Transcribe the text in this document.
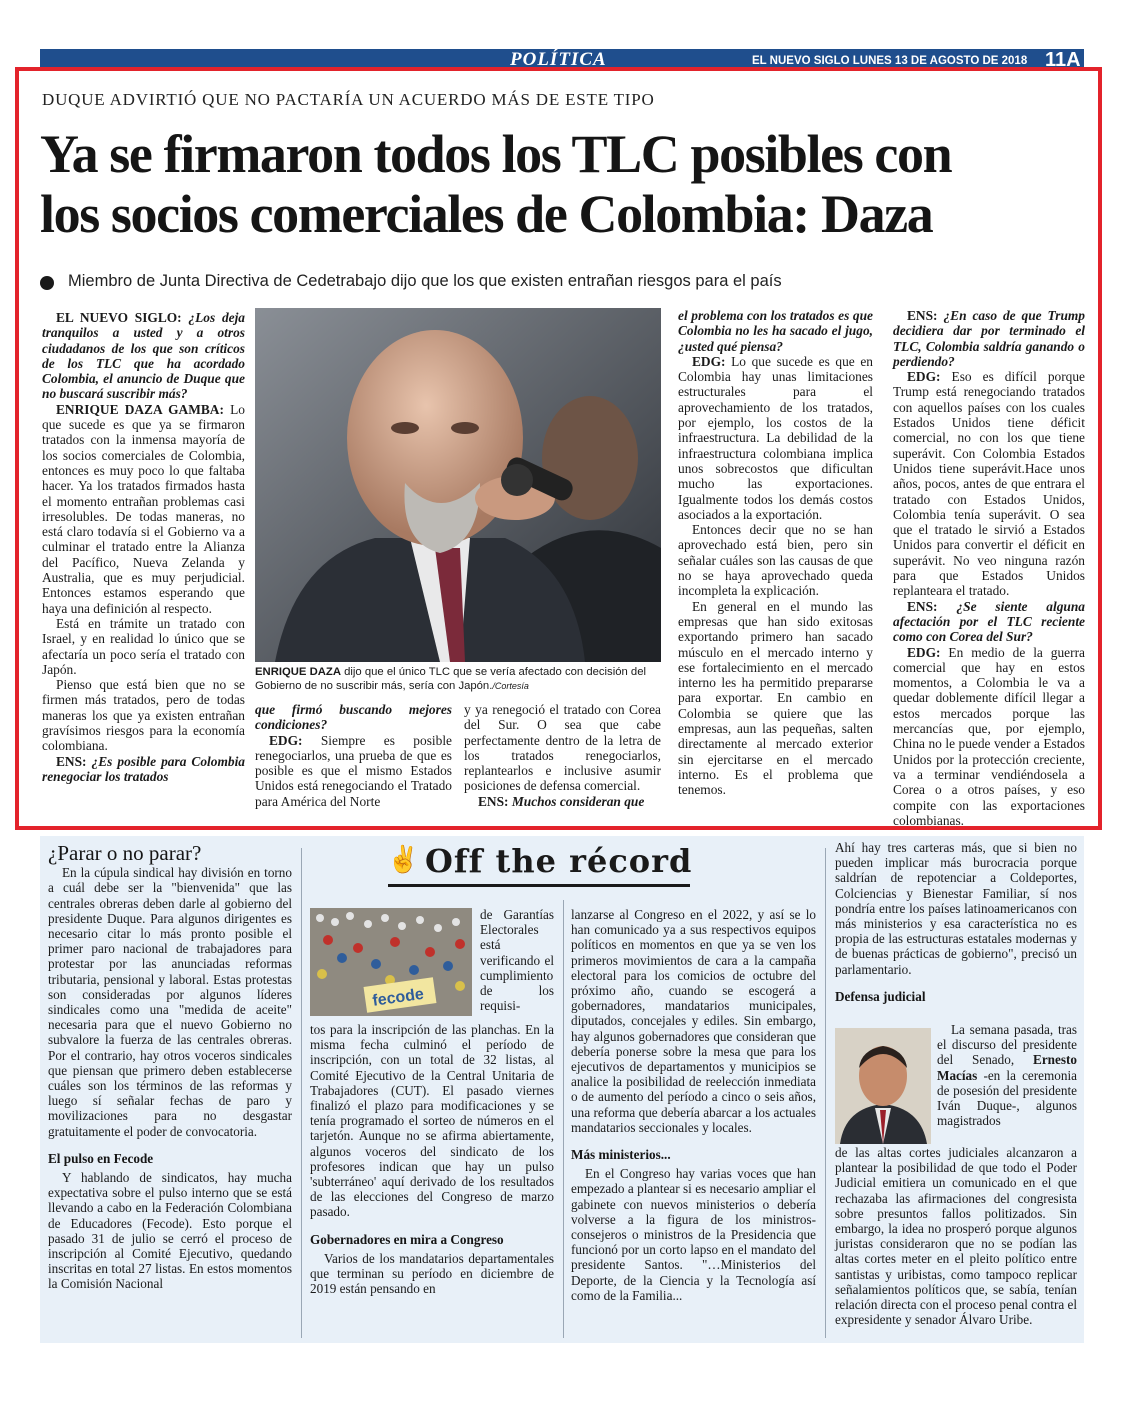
POLÍTICA	EL NUEVO SIGLO LUNES 13 DE AGOSTO DE 2018 11A
DUQUE ADVIRTIÓ QUE NO PACTARÍA UN ACUERDO MÁS DE ESTE TIPO
Ya se firmaron todos los TLC posibles con
los socios comerciales de Colombia: Daza
Miembro de Junta Directiva de Cedetrabajo dijo que los que existen entrañan riesgos para el país

EL NUEVO SIGLO: ¿Los deja tranquilos a usted y a otros ciudadanos de los que son críticos de los TLC que ha acordado Colombia, el anuncio de Duque que no buscará suscribir más?

ENRIQUE DAZA GAMBA: Lo que sucede es que ya se firmaron tratados con la inmensa mayoría de los socios comerciales de Colombia, entonces es muy poco lo que faltaba hacer. Ya los tratados firmados hasta el momento entrañan problemas casi irresolubles. De todas maneras, no está claro todavía si el Gobierno va a culminar el tratado entre la Alianza del Pacífico, Nueva Zelanda y Australia, que es muy perjudicial. Entonces estamos esperando que haya una definición al respecto.

Está en trámite un tratado con Israel, y en realidad lo único que se afectaría un poco sería el tratado con Japón.

Pienso que está bien que no se firmen más tratados, pero de todas maneras los que ya existen entrañan gravísimos riesgos para la economía colombiana.

ENS: ¿Es posible para Colombia renegociar los tratados

ENRIQUE DAZA dijo que el único TLC que se vería afectado con decisión del Gobierno de no suscribir más, sería con Japón./Cortesía

que firmó buscando mejores condiciones?

EDG: Siempre es posible renegociarlos, una prueba de que es posible es que el mismo Estados Unidos está renegociando el Tratado para América del Norte

y ya renegoció el tratado con Corea del Sur. O sea que cabe perfectamente dentro de la letra de los tratados renegociarlos, replantearlos e inclusive asumir posiciones de defensa comercial.

ENS: Muchos consideran que

el problema con los tratados es que Colombia no les ha sacado el jugo, ¿usted qué piensa?

EDG: Lo que sucede es que en Colombia hay unas limitaciones estructurales para el aprovechamiento de los tratados, por ejemplo, los costos de la infraestructura. La debilidad de la infraestructura colombiana implica unos sobrecostos que dificultan mucho las exportaciones. Igualmente todos los demás costos asociados a la exportación.

Entonces decir que no se han aprovechado está bien, pero sin señalar cuáles son las causas de que no se haya aprovechado queda incompleta la explicación.

En general en el mundo las empresas que han sido exitosas exportando primero han sacado músculo en el mercado interno y ese fortalecimiento en el mercado interno les ha permitido prepararse para exportar. En cambio en Colombia se quiere que las empresas, aun las pequeñas, salten directamente al mercado exterior sin ejercitarse en el mercado interno. Es el problema que tenemos.

ENS: ¿En caso de que Trump decidiera dar por terminado el TLC, Colombia saldría ganando o perdiendo?

EDG: Eso es difícil porque Trump está renegociando tratados con aquellos países con los cuales Estados Unidos tiene déficit comercial, no con los que tiene superávit. Con Colombia Estados Unidos tiene superávit.Hace unos años, pocos, antes de que entrara el tratado con Estados Unidos, Colombia tenía superávit. O sea que el tratado le sirvió a Estados Unidos para convertir el déficit en superávit. No veo ninguna razón para que Estados Unidos replanteara el tratado.

ENS: ¿Se siente alguna afectación por el TLC reciente como con Corea del Sur?

EDG: En medio de la guerra comercial que hay en estos momentos, a Colombia le va a quedar doblemente difícil llegar a estos mercados porque las mercancías que, por ejemplo, China no le puede vender a Estados Unidos por la protección creciente, va a terminar vendiéndosela a Corea o a otros países, y eso compite con las exportaciones colombianas.

¿Parar o no parar?
En la cúpula sindical hay división en torno a cuál debe ser la "bienvenida" que las centrales obreras deben darle al gobierno del presidente Duque. Para algunos dirigentes es necesario citar lo más pronto posible el primer paro nacional de trabajadores para protestar por las anunciadas reformas tributaria, pensional y laboral. Estas protestas son consideradas por algunos líderes sindicales como una "medida de aceite" necesaria para que el nuevo Gobierno no subvalore la fuerza de las centrales obreras. Por el contrario, hay otros voceros sindicales que piensan que primero deben establecerse cuáles son los términos de las reformas y luego sí señalar fechas de paro y movilizaciones para no desgastar gratuitamente el poder de convocatoria.
El pulso en Fecode
Y hablando de sindicatos, hay mucha expectativa sobre el pulso interno que se está llevando a cabo en la Federación Colombiana de Educadores (Fecode). Esto porque el pasado 31 de julio se cerró el proceso de inscripción al Comité Ejecutivo, quedando inscritas en total 27 listas. En estos momentos la Comisión Nacional
✌ Off the récord
fecode
de Garantías Electorales está verificando el cumplimiento de los requisi-
tos para la inscripción de las planchas. En la misma fecha culminó el período de inscripción, con un total de 32 listas, al Comité Ejecutivo de la Central Unitaria de Trabajadores (CUT). El pasado viernes finalizó el plazo para modificaciones y se tenía programado el sorteo de números en el tarjetón. Aunque no se afirma abiertamente, algunos voceros del sindicato de los profesores indican que hay un pulso 'subterráneo' aquí derivado de los resultados de las elecciones del Congreso de marzo pasado.
Gobernadores en mira a Congreso
Varios de los mandatarios departamentales que terminan su período en diciembre de 2019 están pensando en
lanzarse al Congreso en el 2022, y así se lo han comunicado ya a sus respectivos equipos políticos en momentos en que ya se ven los primeros movimientos de cara a la campaña electoral para los comicios de octubre del próximo año, cuando se escogerá a gobernadores, mandatarios municipales, diputados, concejales y ediles. Sin embargo, hay algunos gobernadores que consideran que debería ponerse sobre la mesa que para los ejecutivos de departamentos y municipios se analice la posibilidad de reelección inmediata o de aumento del período a cinco o seis años, una reforma que debería abarcar a los actuales mandatarios seccionales y locales.
Más ministerios...
En el Congreso hay varias voces que han empezado a plantear si es necesario ampliar el gabinete con nuevos ministerios o debería volverse a la figura de los ministros-consejeros o ministros de la Presidencia que funcionó por un corto lapso en el mandato del presidente Santos. "…Ministerios del Deporte, de la Ciencia y la Tecnología así como de la Familia...
Ahí hay tres carteras más, que si bien no pueden implicar más burocracia porque saldrían de repotenciar a Coldeportes, Colciencias y Bienestar Familiar, sí nos pondría entre los países latinoamericanos con más ministerios y esa característica no es propia de las estructuras estatales modernas y de buenas prácticas de gobierno", precisó un parlamentario.
Defensa judicial
La semana pasada, tras el discurso del presidente del Senado, Ernesto Macías -en la ceremonia de posesión del presidente Iván Duque-, algunos magistrados
de las altas cortes judiciales alcanzaron a plantear la posibilidad de que todo el Poder Judicial emitiera un comunicado en el que rechazaba las afirmaciones del congresista sobre presuntos fallos politizados. Sin embargo, la idea no prosperó porque algunos juristas consideraron que no se podían las altas cortes meter en el pleito político entre santistas y uribistas, como tampoco replicar señalamientos políticos que, se sabía, tenían relación directa con el proceso penal contra el expresidente y senador Álvaro Uribe.
